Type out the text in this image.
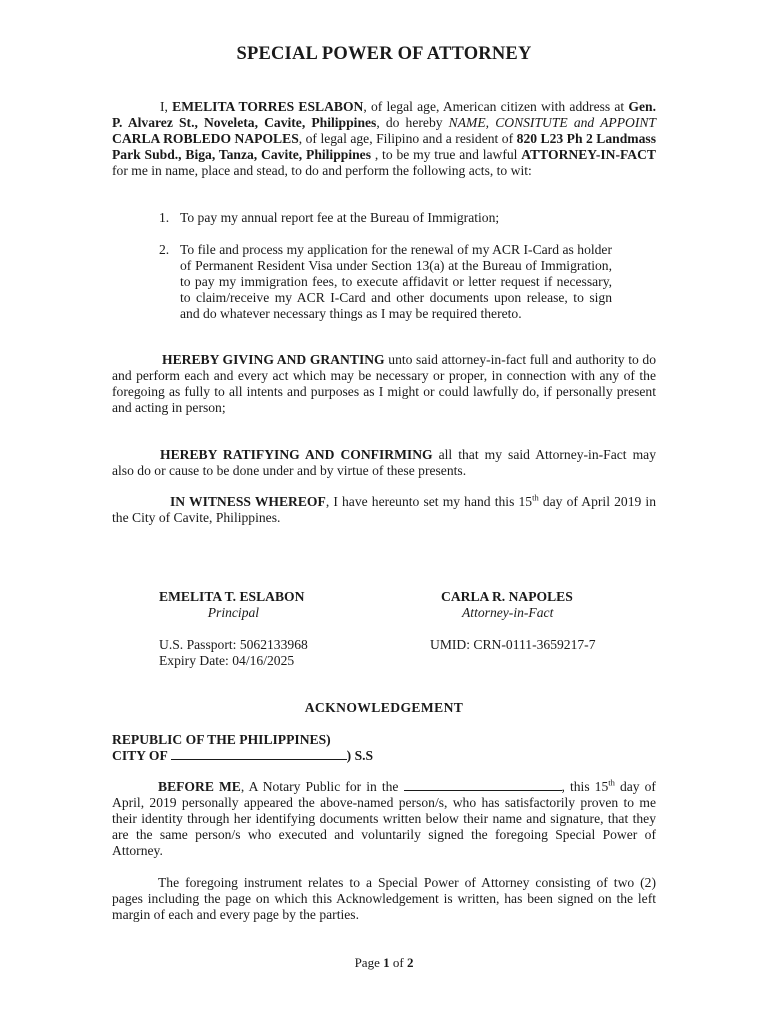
SPECIAL POWER OF ATTORNEY

I, EMELITA TORRES ESLABON, of legal age, American citizen with address at Gen. P. Alvarez St., Noveleta, Cavite, Philippines, do hereby NAME, CONSITUTE and APPOINT CARLA ROBLEDO NAPOLES, of legal age, Filipino and a resident of 820 L23 Ph 2 Landmass Park Subd., Biga, Tanza, Cavite, Philippines , to be my true and lawful ATTORNEY-IN-FACT for me in name, place and stead, to do and perform the following acts, to wit:

1. To pay my annual report fee at the Bureau of Immigration;
2. To file and process my application for the renewal of my ACR I-Card as holder of Permanent Resident Visa under Section 13(a) at the Bureau of Immigration, to pay my immigration fees, to execute affidavit or letter request if necessary, to claim/receive my ACR I-Card and other documents upon release, to sign and do whatever necessary things as I may be required thereto.

HEREBY GIVING AND GRANTING unto said attorney-in-fact full and authority to do and perform each and every act which may be necessary or proper, in connection with any of the foregoing as fully to all intents and purposes as I might or could lawfully do, if personally present and acting in person;

HEREBY RATIFYING AND CONFIRMING all that my said Attorney-in-Fact may also do or cause to be done under and by virtue of these presents.

IN WITNESS WHEREOF, I have hereunto set my hand this 15th day of April 2019 in the City of Cavite, Philippines.

EMELITA T. ESLABON
Principal
U.S. Passport: 5062133968
Expiry Date: 04/16/2025
CARLA R. NAPOLES
Attorney-in-Fact
UMID: CRN-0111-3659217-7
ACKNOWLEDGEMENT
REPUBLIC OF THE PHILIPPINES)
CITY OF	) S.S

BEFORE ME, A Notary Public for in the	, this 15th day of April, 2019 personally appeared the above-named person/s, who has satisfactorily proven to me their identity through her identifying documents written below their name and signature, that they are the same person/s who executed and voluntarily signed the foregoing Special Power of Attorney.

The foregoing instrument relates to a Special Power of Attorney consisting of two (2) pages including the page on which this Acknowledgement is written, has been signed on the left margin of each and every page by the parties.

Page 1 of 2
